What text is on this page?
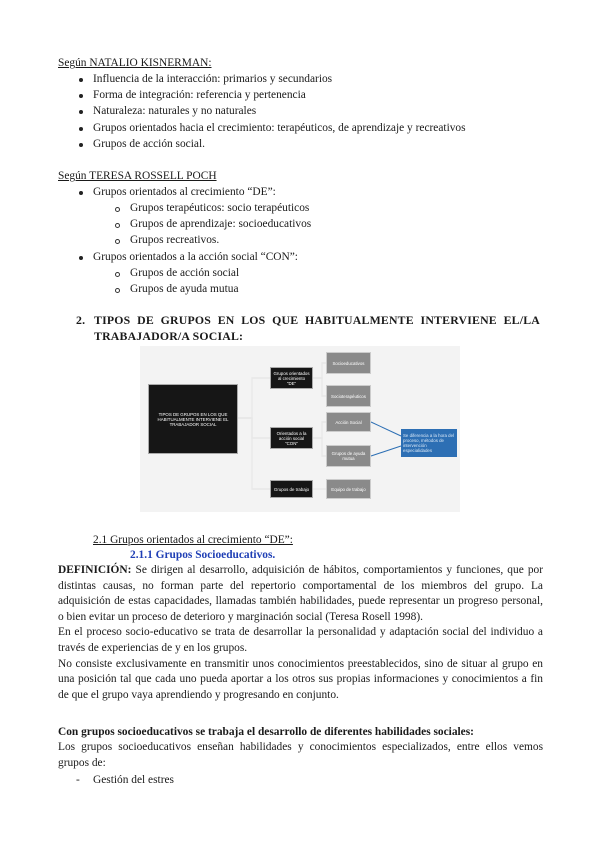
Según NATALIO KISNERMAN:
Influencia de la interacción: primarios y secundarios
Forma de integración: referencia y pertenencia
Naturaleza: naturales y no naturales
Grupos orientados hacia el crecimiento: terapéuticos, de aprendizaje y recreativos
Grupos de acción social.
Según TERESA ROSSELL POCH
Grupos orientados al crecimiento “DE”:
Grupos terapéuticos: socio terapéuticos
Grupos de aprendizaje: socioeducativos
Grupos recreativos.
Grupos orientados a la acción social “CON”:
Grupos de acción social
Grupos de ayuda mutua
2. TIPOS DE GRUPOS EN LOS QUE HABITUALMENTE INTERVIENE EL/LA
TRABAJADOR/A SOCIAL:
TIPOS DE GRUPOS EN LOS QUE HABITUALMENTE INTERVIENE EL TRABAJADOR SOCIAL
Grupos orientados al crecimiento "DE"
Orientados a la acción social "CON"
Grupos de trabajo
Socioeducativos
Socioterapéuticos
Acción Social
Grupos de ayuda mutua
Equipo de trabajo
Se diferencia a la hora del proceso, métodos de intervención especialidades
2.1 Grupos orientados al crecimiento “DE”:
2.1.1 Grupos Socioeducativos.

DEFINICIÓN: Se dirigen al desarrollo, adquisición de hábitos, comportamientos y funciones, que por distintas causas, no forman parte del repertorio comportamental de los miembros del grupo. La adquisición de estas capacidades, llamadas también habilidades, puede representar un progreso personal, o bien evitar un proceso de deterioro y marginación social (Teresa Rosell 1998).

En el proceso socio-educativo se trata de desarrollar la personalidad y adaptación social del individuo a través de experiencias de y en los grupos.

No consiste exclusivamente en transmitir unos conocimientos preestablecidos, sino de situar al grupo en una posición tal que cada uno pueda aportar a los otros sus propias informaciones y conocimientos a fin de que el grupo vaya aprendiendo y progresando en conjunto.

Con grupos socioeducativos se trabaja el desarrollo de diferentes habilidades sociales:
Los grupos socioeducativos enseñan habilidades y conocimientos especializados, entre ellos vemos grupos de:
- Gestión del estres
